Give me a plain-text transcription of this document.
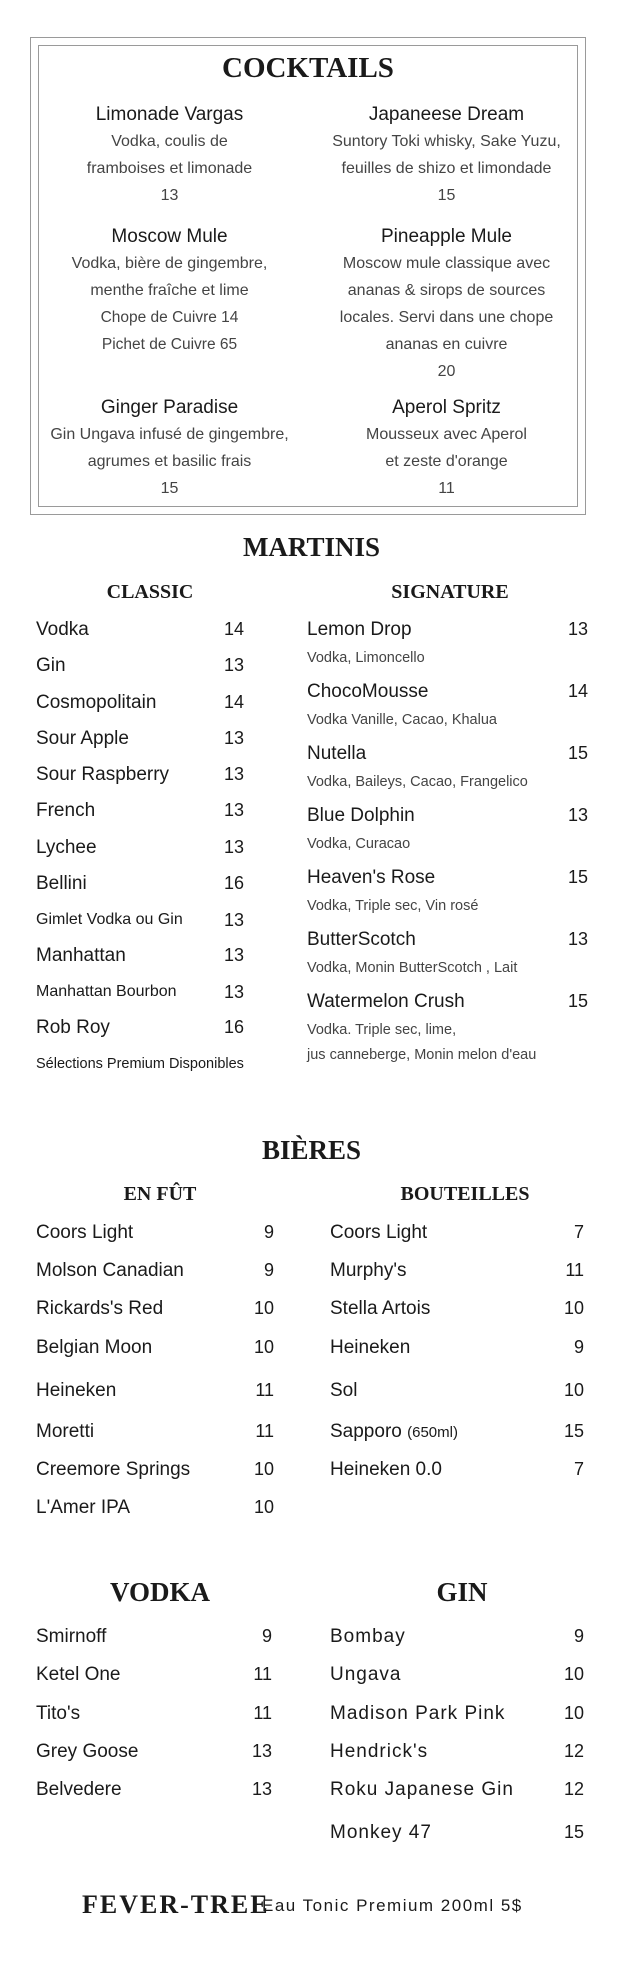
COCKTAILS
Limonade Vargas
Vodka, coulis de
framboises et limonade
13
Japaneese Dream
Suntory Toki whisky, Sake Yuzu,
feuilles de shizo et limondade
15
Moscow Mule
Vodka, bière de gingembre,
menthe fraîche et lime
Chope de Cuivre 14
Pichet de Cuivre 65
Pineapple Mule
Moscow mule classique avec
ananas & sirops de sources
locales. Servi dans une chope
ananas en cuivre
20
Ginger Paradise
Gin Ungava infusé de gingembre,
agrumes et basilic frais
15
Aperol Spritz
Mousseux avec Aperol
et zeste d'orange
11
MARTINIS
CLASSIC	SIGNATURE
Vodka	14
Gin	13
Cosmopolitain	14
Sour Apple	13
Sour Raspberry	13
French	13
Lychee	13
Bellini	16
Gimlet Vodka ou Gin	13
Manhattan	13
Manhattan Bourbon	13
Rob Roy	16
Sélections Premium Disponibles
Lemon Drop	13
Vodka, Limoncello
ChocoMousse	14
Vodka Vanille, Cacao, Khalua
Nutella	15
Vodka, Baileys, Cacao, Frangelico
Blue Dolphin	13
Vodka, Curacao
Heaven's Rose	15
Vodka, Triple sec, Vin rosé
ButterScotch	13
Vodka, Monin ButterScotch , Lait
Watermelon Crush	15
Vodka. Triple sec, lime,
jus canneberge, Monin melon d'eau
BIÈRES
EN FÛT	BOUTEILLES
Coors Light	9
Molson Canadian	9
Rickards's Red	10
Belgian Moon	10
Heineken	11
Moretti	11
Creemore Springs	10
L'Amer IPA	10
Coors Light	7
Murphy's	11
Stella Artois	10
Heineken	9
Sol	10
Sapporo (650ml)	15
Heineken 0.0	7
VODKA	GIN
Smirnoff	9
Ketel One	11
Tito's	11
Grey Goose	13
Belvedere	13
Bombay	9
Ungava	10
Madison Park Pink	10
Hendrick's	12
Roku Japanese Gin	12
Monkey 47	15
FEVER-TREE
Eau Tonic Premium 200ml 5$
